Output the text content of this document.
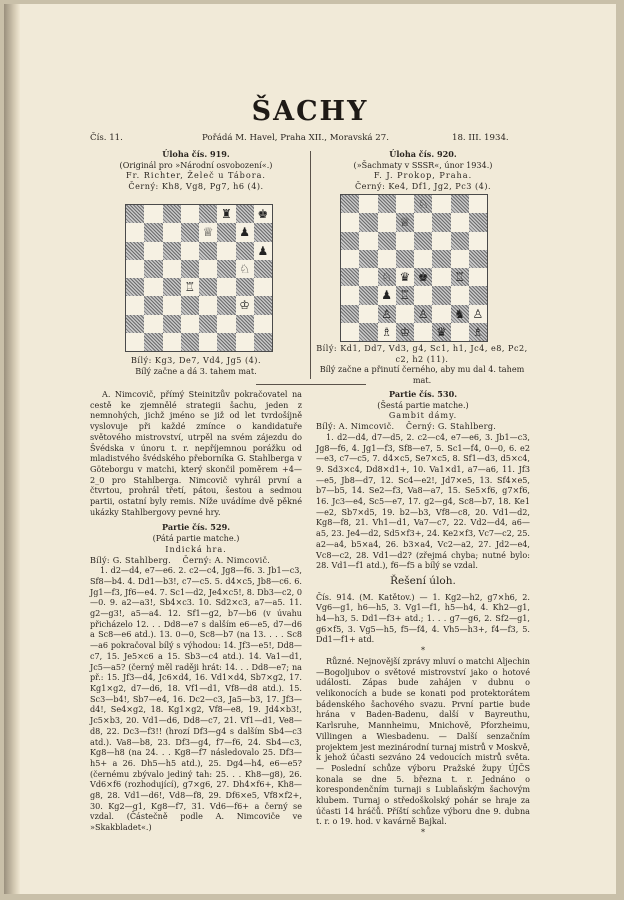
ŠACHY
Čís. 11.	Pořádá M. Havel, Praha XII., Moravská 27.	18. III. 1934.
Úloha čís. 919.
(Originál pro »Národní osvobození«.)
Fr. Richter, Želeč u Tábora.
Černý: Kh8, Vg8, Pg7, h6 (4).
♜ ♚
♕ ♟
♟
♘
♖
♔
Bílý: Kg3, De7, Vd4, Jg5 (4).
Bílý začne a dá 3. tahem mat.
Úloha čís. 920.
(»Šachmaty v SSSR«, únor 1934.)
F. J. Prokop, Praha.
Černý: Ke4, Df1, Jg2, Pc3 (4).
♘
♕
♘ ♛ ♚ ♖
♟ ♖
♙ ♙ ♞ ♙
♗ ♔ ♛ ♗
Bílý: Kd1, Dd7, Vd3, g4, Sc1, h1, Jc4, e8, Pc2, c2, h2 (11).
Bílý začne a přinutí černého, aby mu dal 4. tahem mat.
A. Nimcovič, přímý Steinitzův pokračovatel na cestě ke zjemnělé strategii šachu, jeden z nemnohých, jichž jméno se již od let tvrdošíjně vyslovuje při každé zmínce o kandidatuře světového mistrovství, utrpěl na svém zájezdu do Švédska v únoru t. r. nepříjemnou porážku od mladistvého švédského přeborníka G. Stahlberga v Göteborgu v matchi, který skončil poměrem +4—2_0 pro Stahlberga. Nimcovič vyhrál první a čtvrtou, prohrál třetí, pátou, šestou a sedmou partii, ostatní byly remis. Níže uvádíme dvě pěkné ukázky Stahlbergovy pevné hry.
Partie čís. 529.
(Pátá partie matche.)
Indická hra.
Bílý: G. Stahlberg.    Černý: A. Nimcovič.
1. d2—d4, e7—e6. 2. c2—c4, Jg8—f6. 3. Jb1—c3, Sf8—b4. 4. Dd1—b3!, c7—c5. 5. d4×c5, Jb8—c6. 6. Jg1—f3, Jf6—e4. 7. Sc1—d2, Je4×c5!, 8. Db3—c2, 0—0. 9. a2—a3!, Sb4×c3. 10. Sd2×c3, a7—a5. 11. g2—g3!, a5—a4. 12. Sf1—g2, b7—b6 (v úvahu přicházelo 12. . . Dd8—e7 s dalším e6—e5, d7—d6 a Sc8—e6 atd.). 13. 0—0, Sc8—b7 (na 13. . . . Sc8—a6 pokračoval bílý s výhodou: 14. Jf3—e5!, Dd8—c7, 15. Je5×c6 a 15. Sb3—c4 atd.). 14. Va1—d1, Jc5—a5? (černý měl raději hrát: 14. . . Dd8—e7; na př.: 15. Jf3—d4, Jc6×d4, 16. Vd1×d4, Sb7×g2, 17. Kg1×g2, d7—d6, 18. Vf1—d1, Vf8—d8 atd.). 15. Sc3—b4!, Sb7—e4, 16. Dc2—c3, Ja5—b3, 17. Jf3—d4!, Se4×g2, 18. Kg1×g2, Vf8—e8, 19. Jd4×b3!, Jc5×b3, 20. Vd1—d6, Dd8—c7, 21. Vf1—d1, Ve8—d8, 22. Dc3—f3!! (hrozí Df3—g4 s dalším Sb4—c3 atd.). Va8—b8, 23. Df3—g4, f7—f6, 24. Sb4—c3, Kg8—h8 (na 24. . . Kg8—f7 následovalo 25. Df3—h5+ a 26. Dh5—h5 atd.), 25. Dg4—h4, e6—e5? (černému zbývalo jediný tah: 25. . . Kh8—g8), 26. Vd6×f6 (rozhodující), g7×g6, 27. Dh4×f6+, Kh8—g8, 28. Vd1—d6!, Vd8—f8, 29. Df6×e5, Vf8×f2+, 30. Kg2—g1, Kg8—f7, 31. Vd6—f6+ a černý se vzdal. (Částečně podle A. Nimcoviče ve »Skakbladet«.)
Partie čís. 530.
(Šestá partie matche.)
Gambit dámy.
Bílý: A. Nimcovič.    Černý: G. Stahlberg.
1. d2—d4, d7—d5, 2. c2—c4, e7—e6, 3. Jb1—c3, Jg8—f6, 4. Jg1—f3, Sf8—e7, 5. Sc1—f4, 0—0, 6. e2—e3, c7—c5, 7. d4×c5, Se7×c5, 8. Sf1—d3, d5×c4, 9. Sd3×c4, Dd8×d1+, 10. Va1×d1, a7—a6, 11. Jf3—e5, Jb8—d7, 12. Sc4—e2!, Jd7×e5, 13. Sf4×e5, b7—b5, 14. Se2—f3, Va8—a7, 15. Se5×f6, g7×f6, 16. Jc3—e4, Sc5—e7, 17. g2—g4, Sc8—b7, 18. Ke1—e2, Sb7×d5, 19. b2—b3, Vf8—c8, 20. Vd1—d2, Kg8—f8, 21. Vh1—d1, Va7—c7, 22. Vd2—d4, a6—a5, 23. Je4—d2, Sd5×f3+, 24. Ke2×f3, Vc7—c2, 25. a2—a4, b5×a4, 26. b3×a4, Vc2—a2, 27. Jd2—e4, Vc8—c2, 28. Vd1—d2? (zřejmá chyba; nutné bylo: 28. Vd1—f1 atd.), f6—f5 a bílý se vzdal.
Řešení úloh.
Čís. 914. (M. Katětov.) — 1. Kg2—h2, g7×h6, 2. Vg6—g1, h6—h5, 3. Vg1—f1, h5—h4, 4. Kh2—g1, h4—h3, 5. Dd1—f3+ atd.; 1. . . g7—g6, 2. Sf2—g1, g6×f5, 3. Vg5—h5, f5—f4, 4. Vh5—h3+, f4—f3, 5. Dd1—f1+ atd.
*
Různé. Nejnovější zprávy mluví o matchi Aljechin—Bogoljubov o světové mistrovství jako o hotové události. Zápas bude zahájen v dubnu o velikonocích a bude se konati pod protektorátem bádenského šachového svazu. První partie bude hrána v Baden-Badenu, další v Bayreuthu, Karlsruhe, Mannheimu, Mnichově, Pforzheimu, Villingen a Wiesbadenu. — Další senzačním projektem jest mezinárodní turnaj mistrů v Moskvě, k jehož účasti sezváno 24 vedoucích mistrů světa. — Poslední schůze výboru Pražské župy ÚJČS konala se dne 5. března t. r. Jednáno o korespondenčním turnaji s Lublaňským šachovým klubem. Turnaj o středoškolský pohár se hraje za účasti 14 hráčů. Příští schůze výboru dne 9. dubna t. r. o 19. hod. v kavárně Bajkal.
*
